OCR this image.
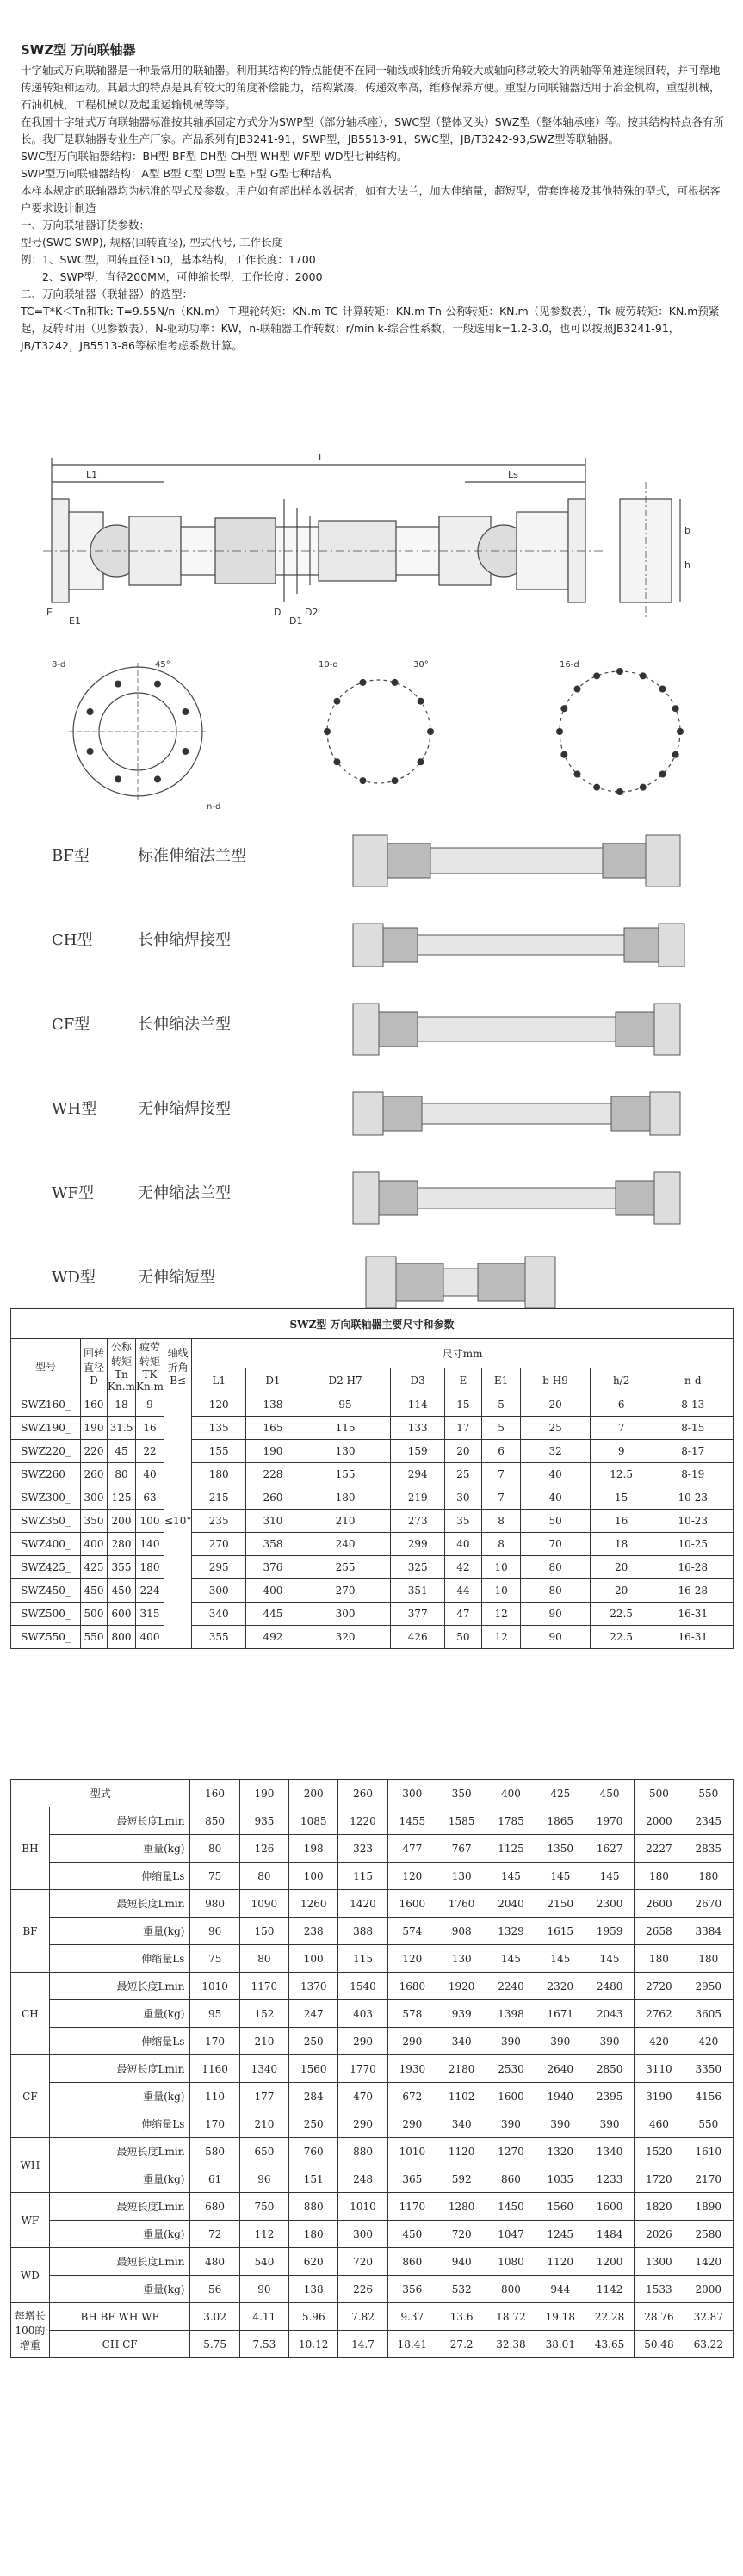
SWZ型 万向联轴器

十字轴式万向联轴器是一种最常用的联轴器。利用其结构的特点能使不在同一轴线或轴线折角较大或轴向移动较大的两轴等角速连续回转，并可靠地传递转矩和运动。其最大的特点是具有较大的角度补偿能力，结构紧凑，传递效率高，维修保养方便。重型万向联轴器适用于冶金机构，重型机械，石油机械，工程机械以及起重运输机械等等。

在我国十字轴式万向联轴器标准按其轴承固定方式分为SWP型（部分轴承座），SWC型（整体叉头）SWZ型（整体轴承座）等。按其结构特点各有所长。我厂是联轴器专业生产厂家。产品系列有JB3241-91，SWP型，JB5513-91，SWC型，JB/T3242-93,SWZ型等联轴器。

SWC型万向联轴器结构：BH型 BF型 DH型 CH型 WH型 WF型 WD型七种结构。

SWP型万向联轴器结构：A型 B型 C型 D型 E型 F型 G型七种结构

本样本规定的联轴器均为标准的型式及参数。用户如有超出样本数据者，如有大法兰，加大伸缩量，超短型，带套连接及其他特殊的型式，可根据客户要求设计制造

一、万向联轴器订货参数：

型号(SWC SWP), 规格(回转直径), 型式代号, 工作长度

例：1、SWC型，回转直径150，基本结构，工作长度：1700

　　2、SWP型，直径200MM，可伸缩长型，工作长度：2000

二、万向联轴器（联轴器）的选型：

TC=T*K＜Tn和Tk: T=9.55N/n（KN.m） T-理轮转矩：KN.m TC-计算转矩：KN.m Tn-公称转矩：KN.m（见参数表），Tk-疲劳转矩：KN.m预紧起，反转时用（见参数表），N-驱动功率：KW，n-联轴器工作转数：r/min k-综合性系数，一般选用k=1.2-3.0，也可以按照JB3241-91，JB/T3242，JB5513-86等标准考虑系数计算。

L
L1	Ls
D
D1
D2
E
E1
b
h
45°	30°
10-d
8-d	16-d
n-d
BF型	标准伸缩法兰型
CH型	长伸缩焊接型
CF型	长伸缩法兰型
WH型	无伸缩焊接型
WF型	无伸缩法兰型
WD型	无伸缩短型
SWZ型 万向联轴器主要尺寸和参数													
型号	回转直径D	公称转矩Tn Kn.m	疲劳转矩TK Kn.m	轴线折角B≤	尺寸mm								
					L1	D1	D2 H7	D3	E	E1	b H9	h/2	n-d
SWZ160_	160	18	9	≤10°	120	138	95	114	15	5	20	6	8-13
SWZ190_	190	31.5	16		135	165	115	133	17	5	25	7	8-15
SWZ220_	220	45	22		155	190	130	159	20	6	32	9	8-17
SWZ260_	260	80	40		180	228	155	294	25	7	40	12.5	8-19
SWZ300_	300	125	63		215	260	180	219	30	7	40	15	10-23
SWZ350_	350	200	100		235	310	210	273	35	8	50	16	10-23
SWZ400_	400	280	140		270	358	240	299	40	8	70	18	10-25
SWZ425_	425	355	180		295	376	255	325	42	10	80	20	16-28
SWZ450_	450	450	224		300	400	270	351	44	10	80	20	16-28
SWZ500_	500	600	315		340	445	300	377	47	12	90	22.5	16-31
SWZ550_	550	800	400		355	492	320	426	50	12	90	22.5	16-31
型式		160	190	200	260	300	350	400	425	450	500	550
BH	最短长度Lmin	850	935	1085	1220	1455	1585	1785	1865	1970	2000	2345
	重量(kg)	80	126	198	323	477	767	1125	1350	1627	2227	2835
	伸缩量Ls	75	80	100	115	120	130	145	145	145	180	180
BF	最短长度Lmin	980	1090	1260	1420	1600	1760	2040	2150	2300	2600	2670
	重量(kg)	96	150	238	388	574	908	1329	1615	1959	2658	3384
	伸缩量Ls	75	80	100	115	120	130	145	145	145	180	180
CH	最短长度Lmin	1010	1170	1370	1540	1680	1920	2240	2320	2480	2720	2950
	重量(kg)	95	152	247	403	578	939	1398	1671	2043	2762	3605
	伸缩量Ls	170	210	250	290	290	340	390	390	390	420	420
CF	最短长度Lmin	1160	1340	1560	1770	1930	2180	2530	2640	2850	3110	3350
	重量(kg)	110	177	284	470	672	1102	1600	1940	2395	3190	4156
	伸缩量Ls	170	210	250	290	290	340	390	390	390	460	550
WH	最短长度Lmin	580	650	760	880	1010	1120	1270	1320	1340	1520	1610
	重量(kg)	61	96	151	248	365	592	860	1035	1233	1720	2170
WF	最短长度Lmin	680	750	880	1010	1170	1280	1450	1560	1600	1820	1890
	重量(kg)	72	112	180	300	450	720	1047	1245	1484	2026	2580
WD	最短长度Lmin	480	540	620	720	860	940	1080	1120	1200	1300	1420
	重量(kg)	56	90	138	226	356	532	800	944	1142	1533	2000
每增长100的增重	BH BF WH WF	3.02	4.11	5.96	7.82	9.37	13.6	18.72	19.18	22.28	28.76	32.87
	CH CF	5.75	7.53	10.12	14.7	18.41	27.2	32.38	38.01	43.65	50.48	63.22
